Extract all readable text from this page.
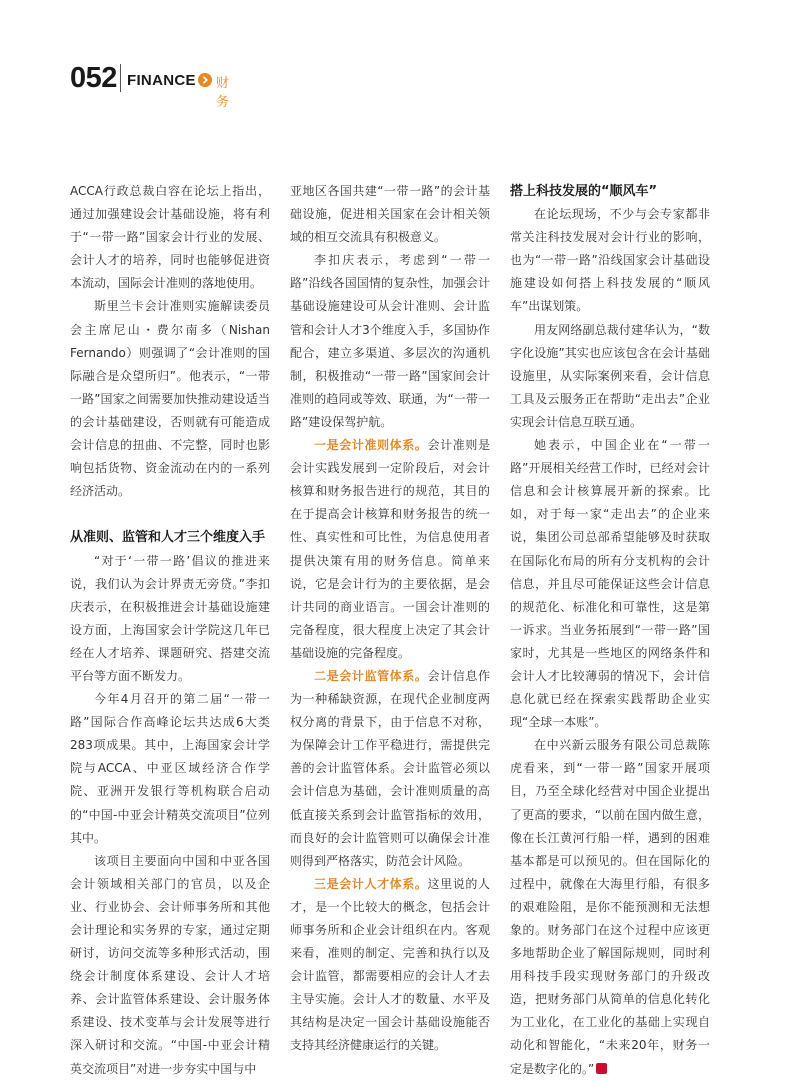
052 FINANCE 财务

ACCA行政总裁白容在论坛上指出，通过加强建设会计基础设施，将有利于“一带一路”国家会计行业的发展、会计人才的培养，同时也能够促进资本流动，国际会计准则的落地使用。

斯里兰卡会计准则实施解读委员会主席尼山・费尔南多（Nishan Fernando）则强调了“会计准则的国际融合是众望所归”。他表示，“一带一路”国家之间需要加快推动建设适当的会计基础建设，否则就有可能造成会计信息的扭曲、不完整，同时也影响包括货物、资金流动在内的一系列经济活动。

从准则、监管和人才三个维度入手

“对于‘一带一路’倡议的推进来说，我们认为会计界责无旁贷。”李扣庆表示，在积极推进会计基础设施建设方面，上海国家会计学院这几年已经在人才培养、课题研究、搭建交流平台等方面不断发力。

今年4月召开的第二届“一带一路”国际合作高峰论坛共达成6大类283项成果。其中，上海国家会计学院与ACCA、中亚区域经济合作学院、亚洲开发银行等机构联合启动的“中国-中亚会计精英交流项目”位列其中。

该项目主要面向中国和中亚各国会计领域相关部门的官员，以及企业、行业协会、会计师事务所和其他会计理论和实务界的专家，通过定期研讨，访问交流等多种形式活动，围绕会计制度体系建设、会计人才培养、会计监管体系建设、会计服务体系建设、技术变革与会计发展等进行深入研讨和交流。“中国-中亚会计精英交流项目”对进一步夯实中国与中

亚地区各国共建“一带一路”的会计基础设施，促进相关国家在会计相关领域的相互交流具有积极意义。

李扣庆表示，考虑到“一带一路”沿线各国国情的复杂性，加强会计基础设施建设可从会计准则、会计监管和会计人才3个维度入手，多国协作配合，建立多渠道、多层次的沟通机制，积极推动“一带一路”国家间会计准则的趋同或等效、联通，为“一带一路”建设保驾护航。

一是会计准则体系。会计准则是会计实践发展到一定阶段后，对会计核算和财务报告进行的规范，其目的在于提高会计核算和财务报告的统一性、真实性和可比性，为信息使用者提供决策有用的财务信息。简单来说，它是会计行为的主要依据，是会计共同的商业语言。一国会计准则的完备程度，很大程度上决定了其会计基础设施的完备程度。

二是会计监管体系。会计信息作为一种稀缺资源，在现代企业制度两权分离的背景下，由于信息不对称，为保障会计工作平稳进行，需提供完善的会计监管体系。会计监管必须以会计信息为基础，会计准则质量的高低直接关系到会计监管指标的效用，而良好的会计监管则可以确保会计准则得到严格落实，防范会计风险。

三是会计人才体系。这里说的人才，是一个比较大的概念，包括会计师事务所和企业会计组织在内。客观来看，准则的制定、完善和执行以及会计监管，都需要相应的会计人才去主导实施。会计人才的数量、水平及其结构是决定一国会计基础设施能否支持其经济健康运行的关键。

搭上科技发展的“顺风车”

在论坛现场，不少与会专家都非常关注科技发展对会计行业的影响，也为“一带一路”沿线国家会计基础设施建设如何搭上科技发展的“顺风车”出谋划策。

用友网络副总裁付建华认为，“数字化设施”其实也应该包含在会计基础设施里，从实际案例来看，会计信息工具及云服务正在帮助“走出去”企业实现会计信息互联互通。

她表示，中国企业在“一带一路”开展相关经营工作时，已经对会计信息和会计核算展开新的探索。比如，对于每一家“走出去”的企业来说，集团公司总部希望能够及时获取在国际化布局的所有分支机构的会计信息，并且尽可能保证这些会计信息的规范化、标准化和可靠性，这是第一诉求。当业务拓展到“一带一路”国家时，尤其是一些地区的网络条件和会计人才比较薄弱的情况下，会计信息化就已经在探索实践帮助企业实现“全球一本账”。

在中兴新云服务有限公司总裁陈虎看来，到“一带一路”国家开展项目，乃至全球化经营对中国企业提出了更高的要求，“以前在国内做生意，像在长江黄河行船一样，遇到的困难基本都是可以预见的。但在国际化的过程中，就像在大海里行船，有很多的艰难险阻，是你不能预测和无法想象的。财务部门在这个过程中应该更多地帮助企业了解国际规则，同时利用科技手段实现财务部门的升级改造，把财务部门从简单的信息化转化为工业化，在工业化的基础上实现自动化和智能化，“未来20年，财务一定是数字化的。”
